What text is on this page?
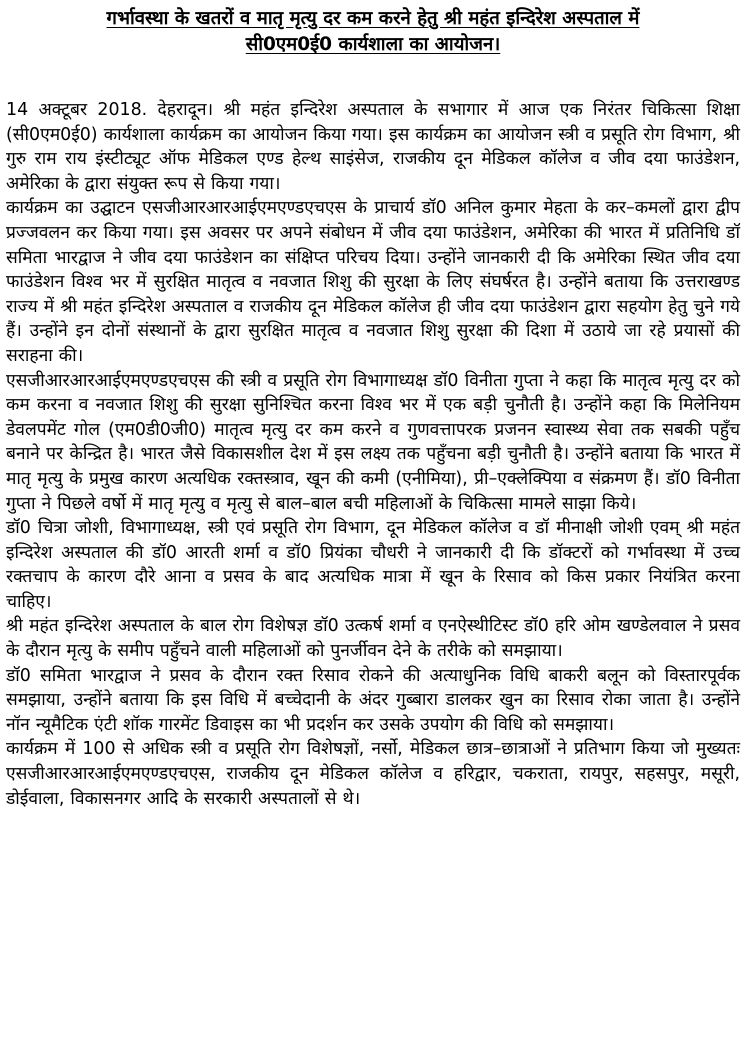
गर्भावस्था के खतरों व मातृ मृत्यु दर कम करने हेतु श्री महंत इन्दिरेश अस्पताल में
सी0एम0ई0 कार्यशाला का आयोजन।

14 अक्टूबर 2018. देहरादून। श्री महंत इन्दिरेश अस्पताल के सभागार में आज एक निरंतर चिकित्सा शिक्षा (सी0एम0ई0) कार्यशाला कार्यक्रम का आयोजन किया गया। इस कार्यक्रम का आयोजन स्त्री व प्रसूति रोग विभाग, श्री गुरु राम राय इंस्टीट्यूट ऑफ मेडिकल एण्ड हेल्थ साइंसेज, राजकीय दून मेडिकल कॉलेज व जीव दया फाउंडेशन, अमेरिका के द्वारा संयुक्त रूप से किया गया।

कार्यक्रम का उद्घाटन एसजीआरआरआईएमएण्डएचएस के प्राचार्य डॉ0 अनिल कुमार मेहता के कर–कमलों द्वारा द्वीप प्रज्जवलन कर किया गया। इस अवसर पर अपने संबोधन में जीव दया फाउंडेशन, अमेरिका की भारत में प्रतिनिधि डॉ समिता भारद्वाज ने जीव दया फाउंडेशन का संक्षिप्त परिचय दिया। उन्होंने जानकारी दी कि अमेरिका स्थित जीव दया फाउंडेशन विश्व भर में सुरक्षित मातृत्व व नवजात शिशु की सुरक्षा के लिए संघर्षरत है। उन्होंने बताया कि उत्तराखण्ड राज्य में श्री महंत इन्दिरेश अस्पताल व राजकीय दून मेडिकल कॉलेज ही जीव दया फाउंडेशन द्वारा सहयोग हेतु चुने गये हैं। उन्होंने इन दोनों संस्थानों के द्वारा सुरक्षित मातृत्व व नवजात शिशु सुरक्षा की दिशा में उठाये जा रहे प्रयासों की सराहना की।

एसजीआरआरआईएमएण्डएचएस की स्त्री व प्रसूति रोग विभागाध्यक्ष डॉ0 विनीता गुप्ता ने कहा कि मातृत्व मृत्यु दर को कम करना व नवजात शिशु की सुरक्षा सुनिश्चित करना विश्व भर में एक बड़ी चुनौती है। उन्होंने कहा कि मिलेनियम डेवलपमेंट गोल (एम0डी0जी0) मातृत्व मृत्यु दर कम करने व गुणवत्तापरक प्रजनन स्वास्थ्य सेवा तक सबकी पहुँच बनाने पर केन्द्रित है। भारत जैसे विकासशील देश में इस लक्ष्य तक पहुँचना बड़ी चुनौती है। उन्होंने बताया कि भारत में मातृ मृत्यु के प्रमुख कारण अत्यधिक रक्तस्त्राव, खून की कमी (एनीमिया), प्री–एक्लेक्पिया व संक्रमण हैं। डॉ0 विनीता गुप्ता ने पिछले वर्षो में मातृ मृत्यु व मृत्यु से बाल–बाल बची महिलाओं के चिकित्सा मामले साझा किये।

डॉ0 चित्रा जोशी, विभागाध्यक्ष, स्त्री एवं प्रसूति रोग विभाग, दून मेडिकल कॉलेज व डॉ मीनाक्षी जोशी एवम् श्री महंत इन्दिरेश अस्पताल की डॉ0 आरती शर्मा व डॉ0 प्रियंका चौधरी ने जानकारी दी कि डॉक्टरों को गर्भावस्था में उच्च रक्तचाप के कारण दौरे आना व प्रसव के बाद अत्यधिक मात्रा में खून के रिसाव को किस प्रकार नियंत्रित करना चाहिए।

श्री महंत इन्दिरेश अस्पताल के बाल रोग विशेषज्ञ डॉ0 उत्कर्ष शर्मा व एनऐस्थीटिस्ट डॉ0 हरि ओम खण्डेलवाल ने प्रसव के दौरान मृत्यु के समीप पहुँचने वाली महिलाओं को पुनर्जीवन देने के तरीके को समझाया।

डॉ0 समिता भारद्वाज ने प्रसव के दौरान रक्त रिसाव रोकने की अत्याधुनिक विधि बाकरी बलून को विस्तारपूर्वक समझाया, उन्होंने बताया कि इस विधि में बच्चेदानी के अंदर गुब्बारा डालकर खुन का रिसाव रोका जाता है। उन्होंने नॉन न्यूमैटिक एंटी शॉक गारमेंट डिवाइस का भी प्रदर्शन कर उसके उपयोग की विधि को समझाया।

कार्यक्रम में 100 से अधिक स्त्री व प्रसूति रोग विशेषज्ञों, नर्सो, मेडिकल छात्र–छात्राओं ने प्रतिभाग किया जो मुख्यतः एसजीआरआरआईएमएण्डएचएस, राजकीय दून मेडिकल कॉलेज व हरिद्वार, चकराता, रायपुर, सहसपुर, मसूरी, डोईवाला, विकासनगर आदि के सरकारी अस्पतालों से थे।
